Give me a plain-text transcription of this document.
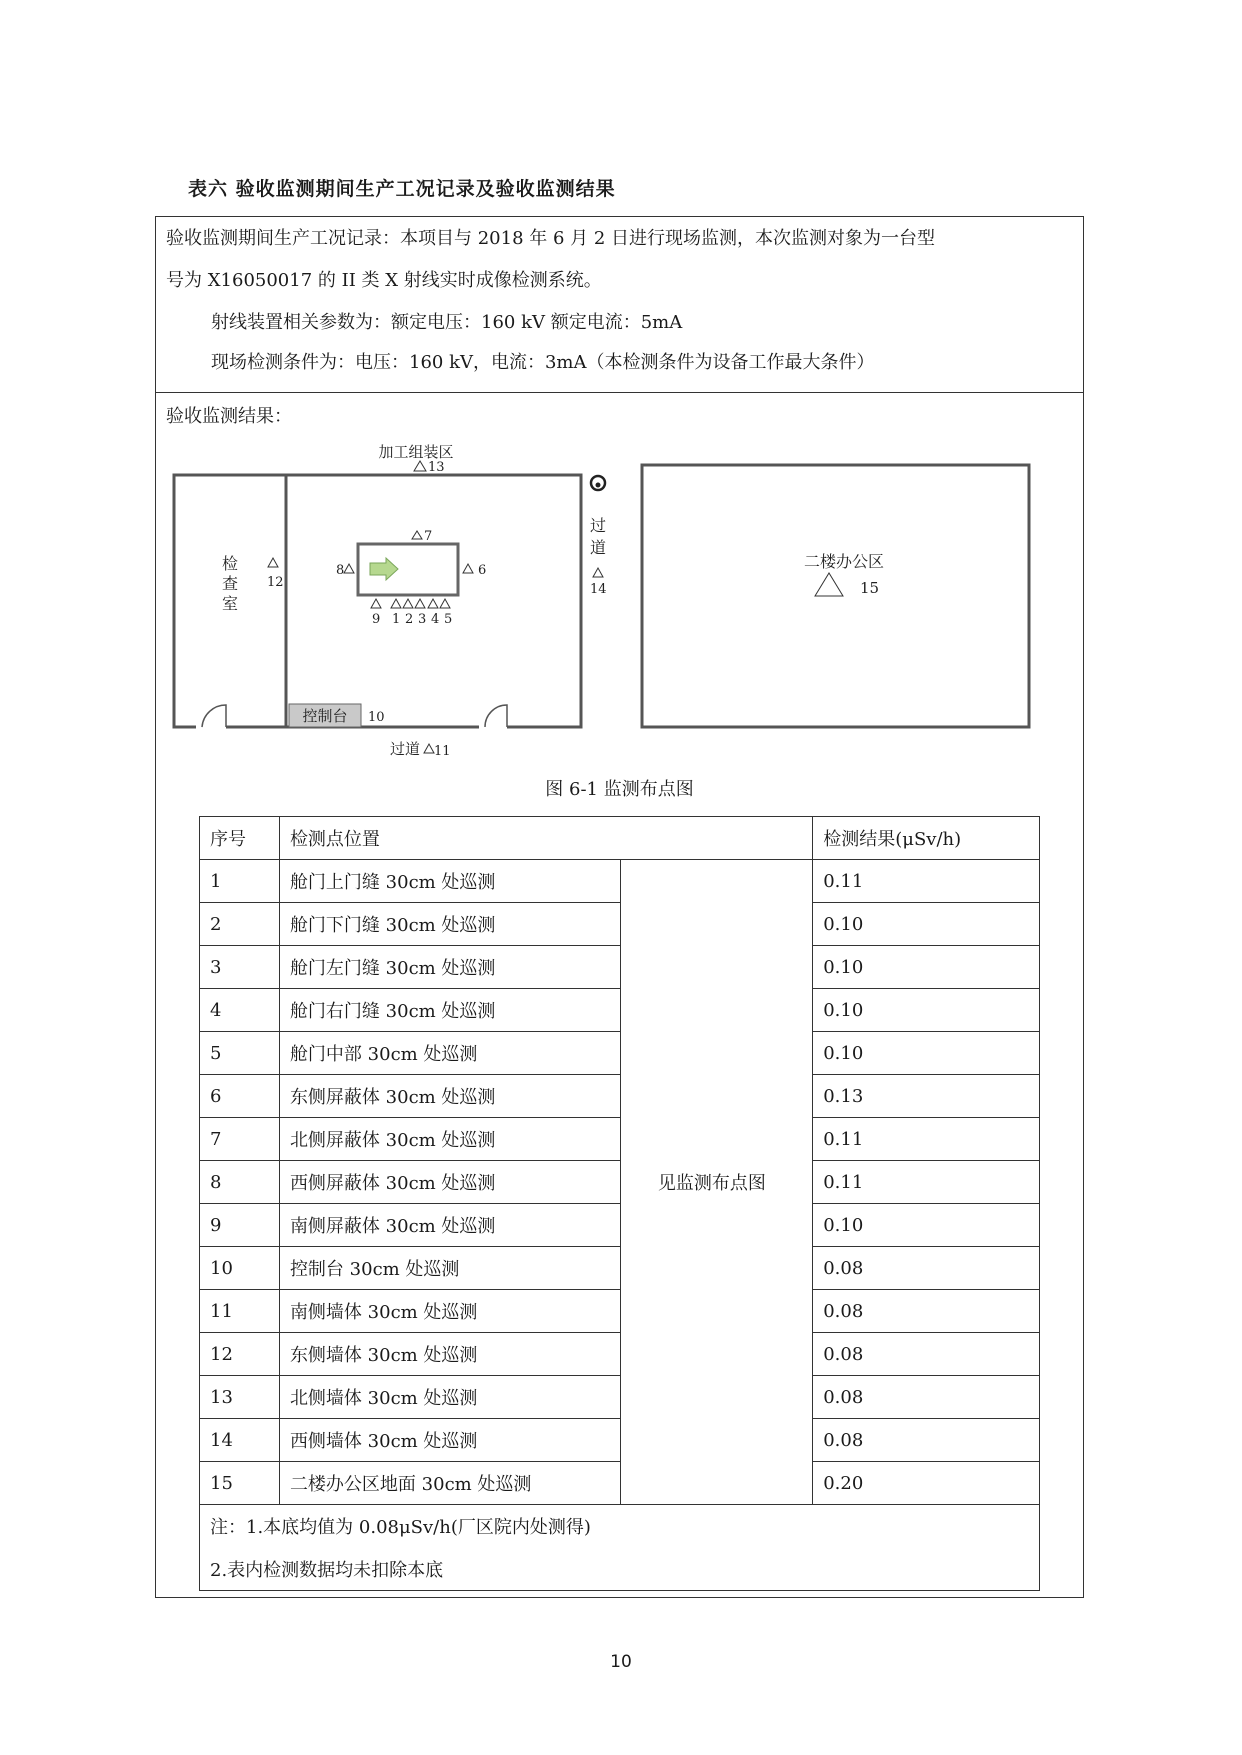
表六 验收监测期间生产工况记录及验收监测结果

验收监测期间生产工况记录：本项目与 2018 年 6 月 2 日进行现场监测，本次监测对象为一台型

号为 X16050017 的 II 类 X 射线实时成像检测系统。

射线装置相关参数为：额定电压：160 kV 额定电流：5mA

现场检测条件为：电压：160 kV，电流：3mA（本检测条件为设备工作最大条件）

验收监测结果：

加工组装区
13
检
查
室
12
7
8	6
9 1 2 3 4 5
控制台 10
过道 11
过
道
14
二楼办公区
15
图 6-1 监测布点图
序号	检测点位置		检测结果(μSv/h)
1	舱门上门缝 30cm 处巡测	见监测布点图	0.11
2	舱门下门缝 30cm 处巡测		0.10
3	舱门左门缝 30cm 处巡测		0.10
4	舱门右门缝 30cm 处巡测		0.10
5	舱门中部 30cm 处巡测		0.10
6	东侧屏蔽体 30cm 处巡测		0.13
7	北侧屏蔽体 30cm 处巡测		0.11
8	西侧屏蔽体 30cm 处巡测		0.11
9	南侧屏蔽体 30cm 处巡测		0.10
10	控制台 30cm 处巡测		0.08
11	南侧墙体 30cm 处巡测		0.08
12	东侧墙体 30cm 处巡测		0.08
13	北侧墙体 30cm 处巡测		0.08
14	西侧墙体 30cm 处巡测		0.08
15	二楼办公区地面 30cm 处巡测		0.20
注：1.本底均值为 0.08μSv/h(厂区院内处测得)			
2.表内检测数据均未扣除本底			
10
